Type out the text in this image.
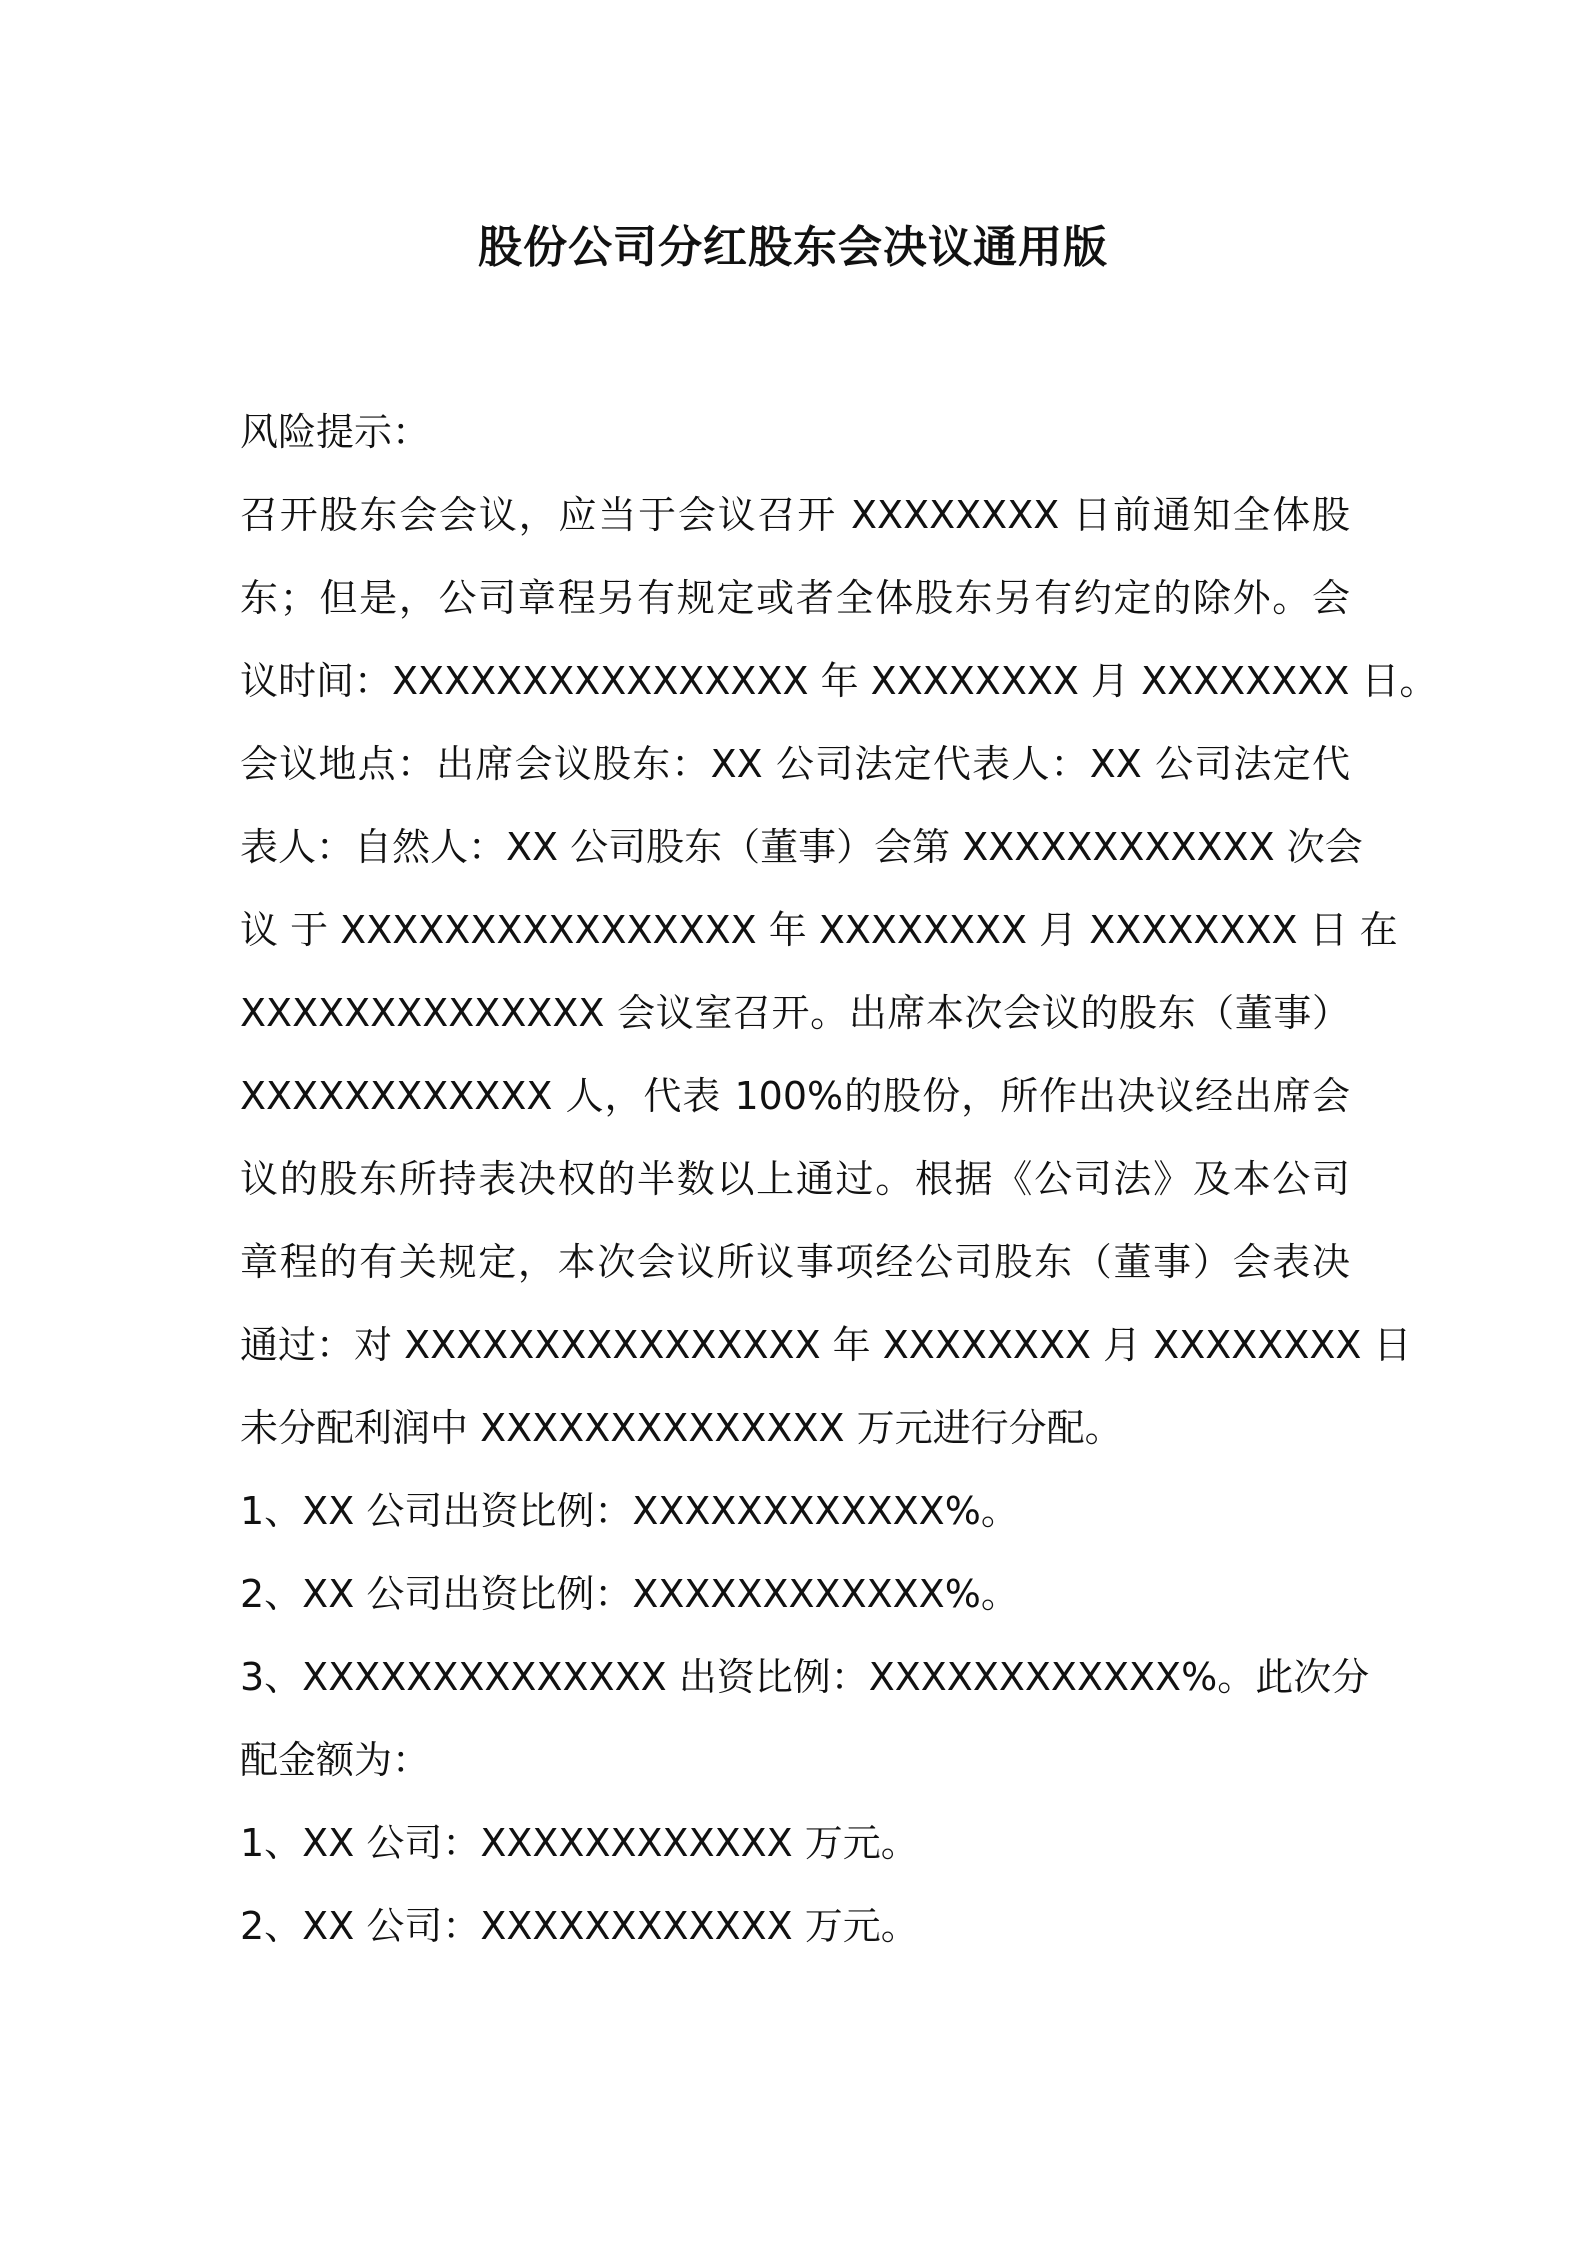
股份公司分红股东会决议通用版
风险提示：
召开股东会会议，应当于会议召开 XXXXXXXX 日前通知全体股
东；但是，公司章程另有规定或者全体股东另有约定的除外。会
议时间：XXXXXXXXXXXXXXXX 年 XXXXXXXX 月 XXXXXXXX 日。
会议地点：出席会议股东：XX 公司法定代表人：XX 公司法定代
表人：自然人：XX 公司股东（董事）会第 XXXXXXXXXXXX 次会
议 于 XXXXXXXXXXXXXXXX 年 XXXXXXXX 月 XXXXXXXX 日 在
XXXXXXXXXXXXXX 会议室召开。出席本次会议的股东（董事）
XXXXXXXXXXXX 人，代表 100%的股份，所作出决议经出席会
议的股东所持表决权的半数以上通过。根据《公司法》及本公司
章程的有关规定，本次会议所议事项经公司股东（董事）会表决
通过：对 XXXXXXXXXXXXXXXX 年 XXXXXXXX 月 XXXXXXXX 日
未分配利润中 XXXXXXXXXXXXXX 万元进行分配。
1、XX 公司出资比例：XXXXXXXXXXXX%。
2、XX 公司出资比例：XXXXXXXXXXXX%。
3、XXXXXXXXXXXXXX 出资比例：XXXXXXXXXXXX%。此次分
配金额为：
1、XX 公司：XXXXXXXXXXXX 万元。
2、XX 公司：XXXXXXXXXXXX 万元。
